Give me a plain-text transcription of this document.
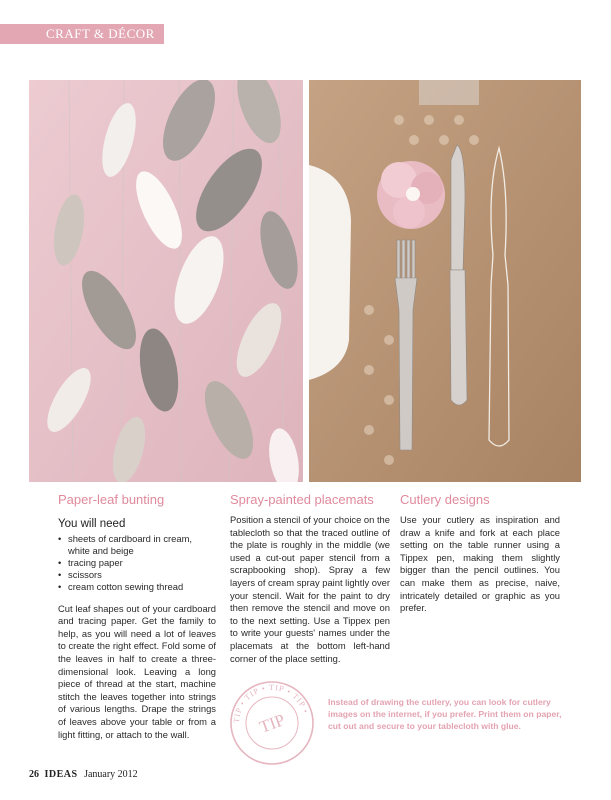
CRAFT & DÉCOR
Paper-leaf bunting
You will need
• sheets of cardboard in cream, white and beige
• tracing paper
• scissors
• cream cotton sewing thread

Cut leaf shapes out of your cardboard and tracing paper. Get the family to help, as you will need a lot of leaves to create the right effect. Fold some of the leaves in half to create a three-dimensional look. Leaving a long piece of thread at the start, machine stitch the leaves together into strings of various lengths. Drape the strings of leaves above your table or from a light fitting, or attach to the wall.

Spray-painted placemats

Position a stencil of your choice on the tablecloth so that the traced outline of the plate is roughly in the middle (we used a cut-out paper stencil from a scrapbooking shop). Spray a few layers of cream spray paint lightly over your stencil. Wait for the paint to dry then remove the stencil and move on to the next setting. Use a Tippex pen to write your guests' names under the placemats at the bottom left-hand corner of the place setting.

Cutlery designs

Use your cutlery as inspiration and draw a knife and fork at each place setting on the table runner using a Tippex pen, making them slightly bigger than the pencil outlines. You can make them as precise, naive, intricately detailed or graphic as you prefer.

TIP • TIP • TIP • TIP •
TIP
Instead of drawing the cutlery, you can look for cutlery images on the internet, if you prefer. Print them on paper, cut out and secure to your tablecloth with glue.
26 IDEAS January 2012
